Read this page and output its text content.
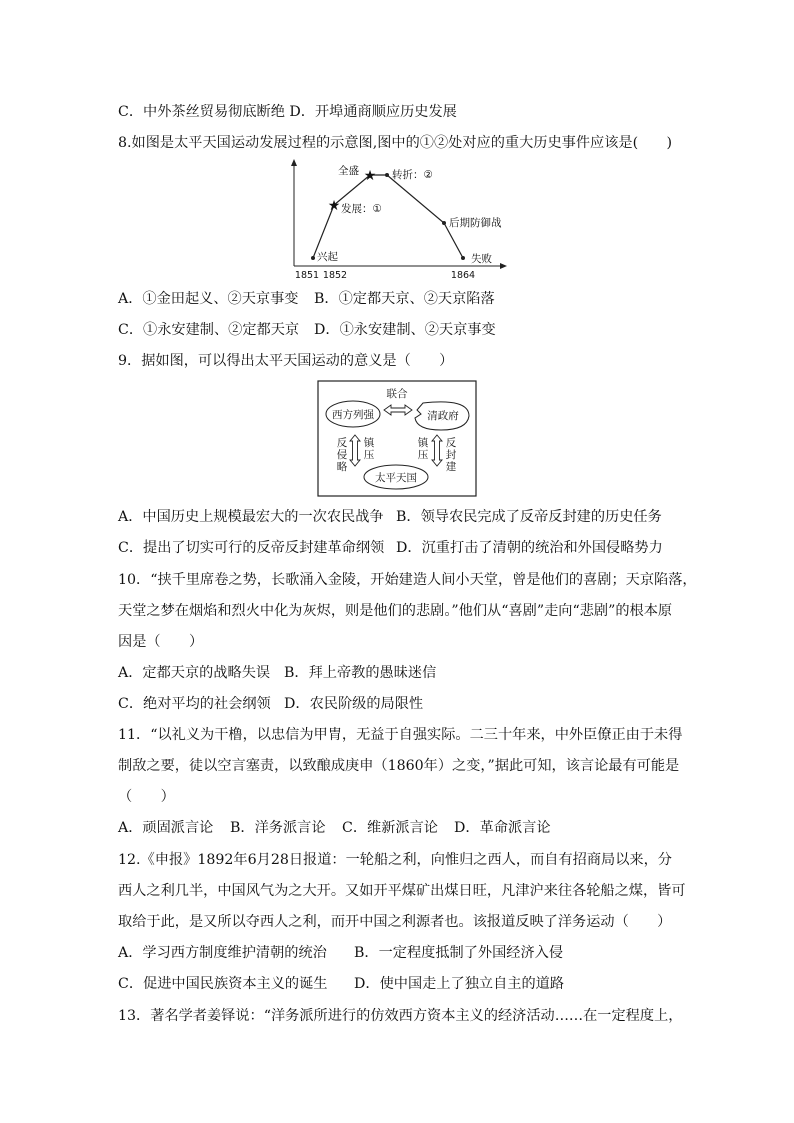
C．中外茶丝贸易彻底断绝 D．开埠通商顺应历史发展
8.如图是太平天国运动发展过程的示意图,图中的①②处对应的重大历史事件应该是(　　)
★
★
全盛	转折：②
发展：①
兴起
后期防御战
失败
1851 1852	1864
A．①金田起义、②天京事变 B．①定都天京、②天京陷落
C．①永安建制、②定都天京 D．①永安建制、②天京事变
9．据如图，可以得出太平天国运动的意义是（　　）
西方列强	清政府
太平天国
联合
反侵略
镇压
镇压
反封建
A．中国历史上规模最宏大的一次农民战争 B．领导农民完成了反帝反封建的历史任务
C．提出了切实可行的反帝反封建革命纲领 D．沉重打击了清朝的统治和外国侵略势力
10．“挟千里席卷之势，长歌涌入金陵，开始建造人间小天堂，曾是他们的喜剧；天京陷落，
天堂之梦在烟焰和烈火中化为灰烬，则是他们的悲剧。”他们从“喜剧”走向“悲剧”的根本原
因是（　　）
A．定都天京的战略失误 B．拜上帝教的愚昧迷信
C．绝对平均的社会纲领 D．农民阶级的局限性
11．“以礼义为干橹，以忠信为甲胄，无益于自强实际。二三十年来，中外臣僚正由于未得
制敌之要，徒以空言塞责，以致酿成庚申（1860年）之变，”据此可知，该言论最有可能是
（　　）
A．顽固派言论 B．洋务派言论 C．维新派言论 D．革命派言论
12.《申报》1892年6月28日报道：一轮船之利，向惟归之西人，而自有招商局以来，分
西人之利几半，中国风气为之大开。又如开平煤矿出煤日旺，凡津沪来往各轮船之煤，皆可
取给于此，是又所以夺西人之利，而开中国之利源者也。该报道反映了洋务运动（　　）
A．学习西方制度维护清朝的统治 B．一定程度抵制了外国经济入侵
C．促进中国民族资本主义的诞生 D．使中国走上了独立自主的道路
13．著名学者姜铎说：“洋务派所进行的仿效西方资本主义的经济活动……在一定程度上，
